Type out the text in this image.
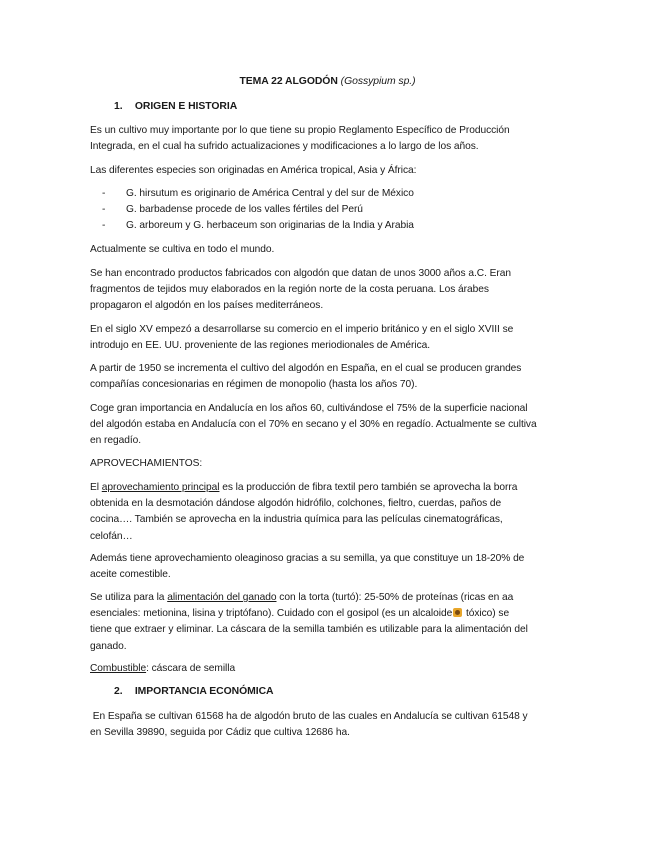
TEMA 22 ALGODÓN (Gossypium sp.)
1. ORIGEN E HISTORIA
Es un cultivo muy importante por lo que tiene su propio Reglamento Específico de Producción
Integrada, en el cual ha sufrido actualizaciones y modificaciones a lo largo de los años.
Las diferentes especies son originadas en América tropical, Asia y África:
- G. hirsutum es originario de América Central y del sur de México
- G. barbadense procede de los valles fértiles del Perú
- G. arboreum y G. herbaceum son originarias de la India y Arabia
Actualmente se cultiva en todo el mundo.
Se han encontrado productos fabricados con algodón que datan de unos 3000 años a.C. Eran
fragmentos de tejidos muy elaborados en la región norte de la costa peruana. Los árabes
propagaron el algodón en los países mediterráneos.
En el siglo XV empezó a desarrollarse su comercio en el imperio británico y en el siglo XVIII se
introdujo en EE. UU. proveniente de las regiones meriodionales de América.
A partir de 1950 se incrementa el cultivo del algodón en España, en el cual se producen grandes
compañías concesionarias en régimen de monopolio (hasta los años 70).
Coge gran importancia en Andalucía en los años 60, cultivándose el 75% de la superficie nacional
del algodón estaba en Andalucía con el 70% en secano y el 30% en regadío. Actualmente se cultiva
en regadío.
APROVECHAMIENTOS:
El aprovechamiento principal es la producción de fibra textil pero también se aprovecha la borra
obtenida en la desmotación dándose algodón hidrófilo, colchones, fieltro, cuerdas, paños de
cocina…. También se aprovecha en la industria química para las películas cinematográficas,
celofán…
Además tiene aprovechamiento oleaginoso gracias a su semilla, ya que constituye un 18-20% de
aceite comestible.
Se utiliza para la alimentación del ganado con la torta (turtó): 25-50% de proteínas (ricas en aa
esenciales: metionina, lisina y triptófano). Cuidado con el gosipol (es un alcaloide tóxico) se
tiene que extraer y eliminar. La cáscara de la semilla también es utilizable para la alimentación del
ganado.
Combustible: cáscara de semilla
2. IMPORTANCIA ECONÓMICA
En España se cultivan 61568 ha de algodón bruto de las cuales en Andalucía se cultivan 61548 y
en Sevilla 39890, seguida por Cádiz que cultiva 12686 ha.
